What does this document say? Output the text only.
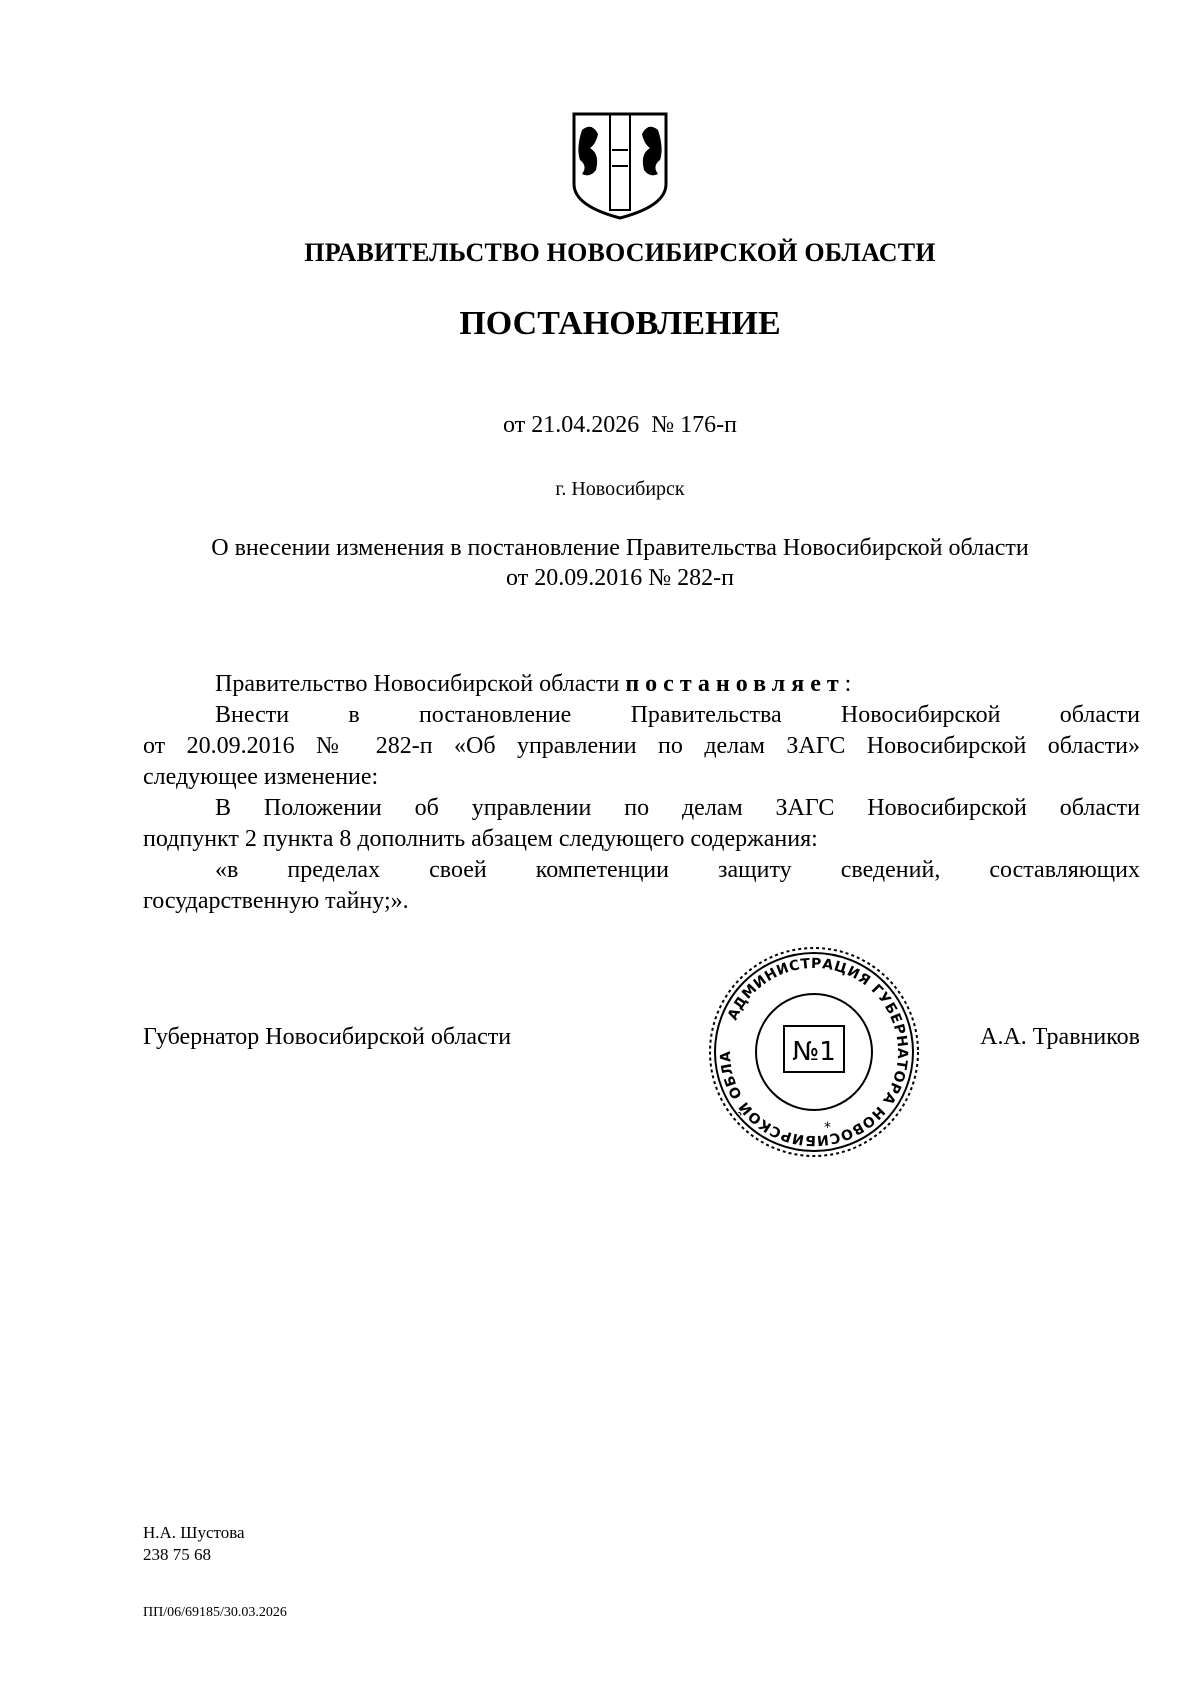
ПРАВИТЕЛЬСТВО НОВОСИБИРСКОЙ ОБЛАСТИ
ПОСТАНОВЛЕНИЕ
от 21.04.2026 № 176-п
г. Новосибирск
О внесении изменения в постановление Правительства Новосибирской области
от 20.09.2016 № 282-п
Правительство Новосибирской области постановляет:
Внести в постановление Правительства Новосибирской области
от 20.09.2016 № 282-п «Об управлении по делам ЗАГС Новосибирской области»
следующее изменение:
В Положении об управлении по делам ЗАГС Новосибирской области
подпункт 2 пункта 8 дополнить абзацем следующего содержания:
«в пределах своей компетенции защиту сведений, составляющих
государственную тайну;».
Губернатор Новосибирской области	А.А. Травников
АДМИНИСТРАЦИЯ ГУБЕРНАТОРА НОВОСИБИРСКОЙ ОБЛА	№1
*
Н.А. Шустова
238 75 68
ПП/06/69185/30.03.2026
